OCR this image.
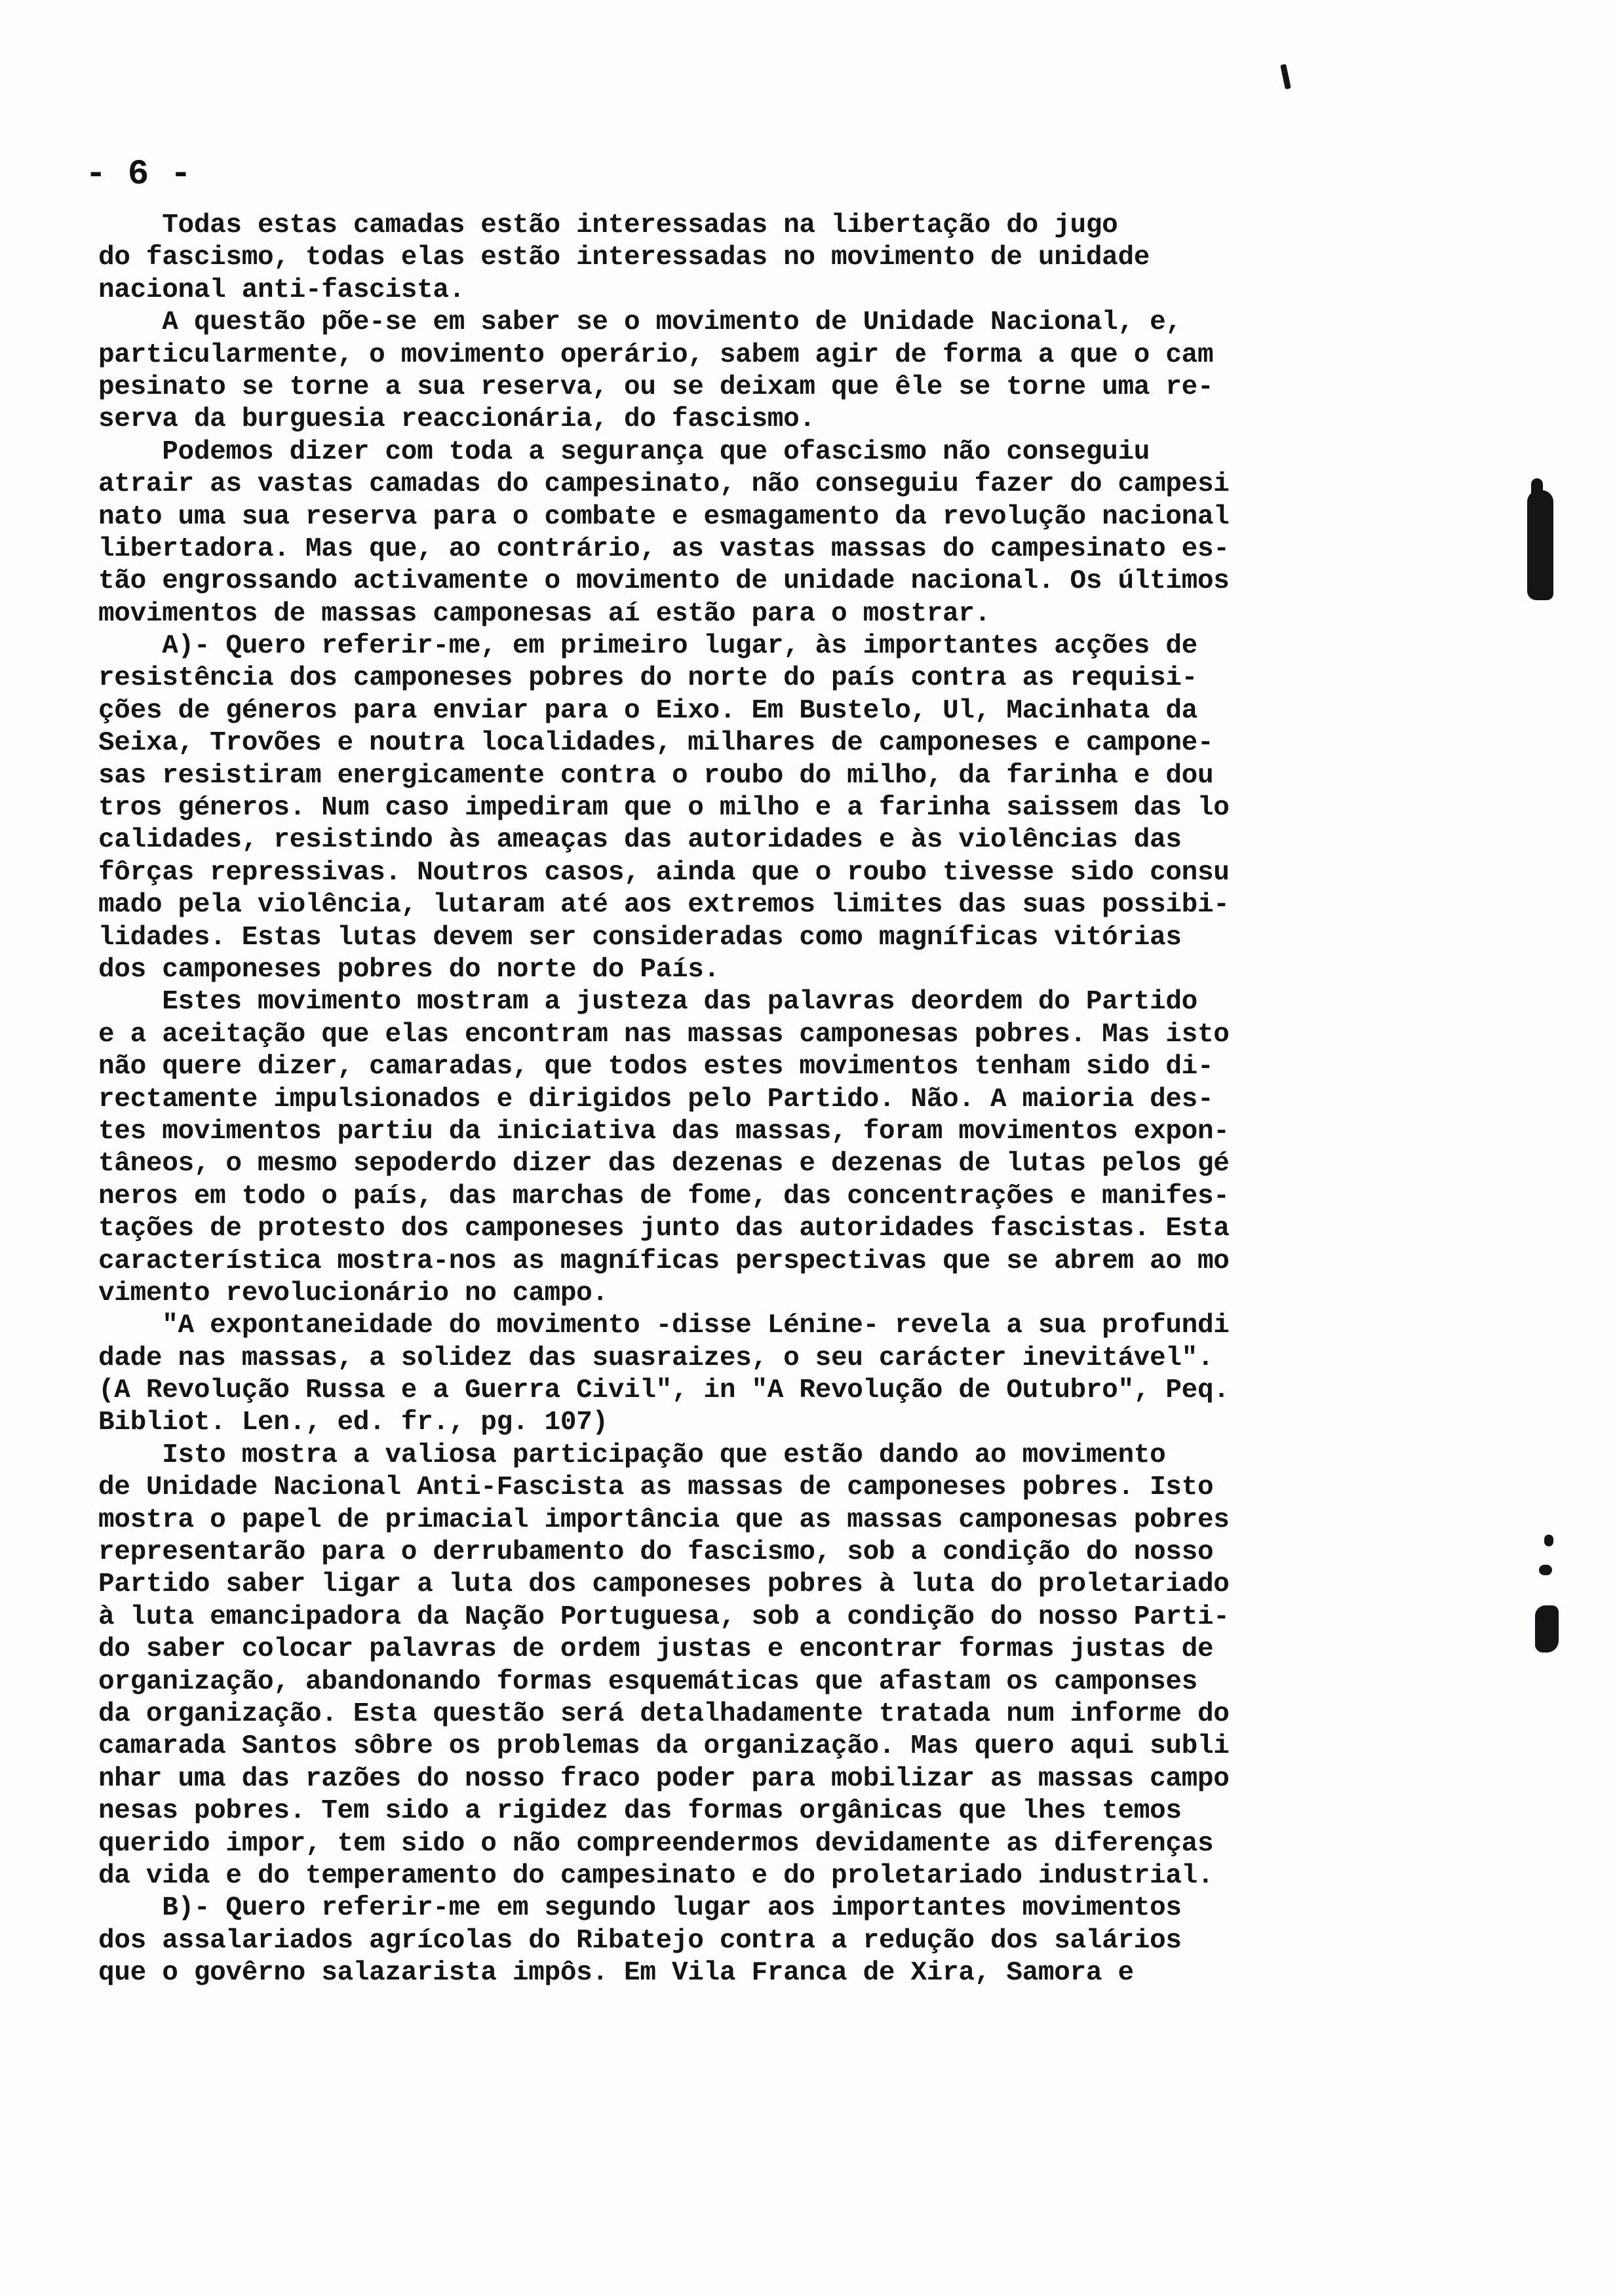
- 6 -
Todas estas camadas estão interessadas na libertação do jugo
do fascismo, todas elas estão interessadas no movimento de unidade
nacional anti-fascista.
A questão põe-se em saber se o movimento de Unidade Nacional, e,
particularmente, o movimento operário, sabem agir de forma a que o cam
pesinato se torne a sua reserva, ou se deixam que êle se torne uma re-
serva da burguesia reaccionária, do fascismo.
Podemos dizer com toda a segurança que ofascismo não conseguiu
atrair as vastas camadas do campesinato, não conseguiu fazer do campesi
nato uma sua reserva para o combate e esmagamento da revolução nacional
libertadora. Mas que, ao contrário, as vastas massas do campesinato es-
tão engrossando activamente o movimento de unidade nacional. Os últimos
movimentos de massas camponesas aí estão para o mostrar.
A)- Quero referir-me, em primeiro lugar, às importantes acções de
resistência dos camponeses pobres do norte do país contra as requisi-
ções de géneros para enviar para o Eixo. Em Bustelo, Ul, Macinhata da
Seixa, Trovões e noutra localidades, milhares de camponeses e campone-
sas resistiram energicamente contra o roubo do milho, da farinha e dou
tros géneros. Num caso impediram que o milho e a farinha saissem das lo
calidades, resistindo às ameaças das autoridades e às violências das
fôrças repressivas. Noutros casos, ainda que o roubo tivesse sido consu
mado pela violência, lutaram até aos extremos limites das suas possibi-
lidades. Estas lutas devem ser consideradas como magníficas vitórias
dos camponeses pobres do norte do País.
Estes movimento mostram a justeza das palavras deordem do Partido
e a aceitação que elas encontram nas massas camponesas pobres. Mas isto
não quere dizer, camaradas, que todos estes movimentos tenham sido di-
rectamente impulsionados e dirigidos pelo Partido. Não. A maioria des-
tes movimentos partiu da iniciativa das massas, foram movimentos expon-
tâneos, o mesmo sepoderdo dizer das dezenas e dezenas de lutas pelos gé
neros em todo o país, das marchas de fome, das concentrações e manifes-
tações de protesto dos camponeses junto das autoridades fascistas. Esta
característica mostra-nos as magníficas perspectivas que se abrem ao mo
vimento revolucionário no campo.
"A expontaneidade do movimento -disse Lénine- revela a sua profundi
dade nas massas, a solidez das suasraizes, o seu carácter inevitável".
(A Revolução Russa e a Guerra Civil", in "A Revolução de Outubro", Peq.
Bibliot. Len., ed. fr., pg. 107)
Isto mostra a valiosa participação que estão dando ao movimento
de Unidade Nacional Anti-Fascista as massas de camponeses pobres. Isto
mostra o papel de primacial importância que as massas camponesas pobres
representarão para o derrubamento do fascismo, sob a condição do nosso
Partido saber ligar a luta dos camponeses pobres à luta do proletariado
à luta emancipadora da Nação Portuguesa, sob a condição do nosso Parti-
do saber colocar palavras de ordem justas e encontrar formas justas de
organização, abandonando formas esquemáticas que afastam os camponses
da organização. Esta questão será detalhadamente tratada num informe do
camarada Santos sôbre os problemas da organização. Mas quero aqui subli
nhar uma das razões do nosso fraco poder para mobilizar as massas campo
nesas pobres. Tem sido a rigidez das formas orgânicas que lhes temos
querido impor, tem sido o não compreendermos devidamente as diferenças
da vida e do temperamento do campesinato e do proletariado industrial.
B)- Quero referir-me em segundo lugar aos importantes movimentos
dos assalariados agrícolas do Ribatejo contra a redução dos salários
que o govêrno salazarista impôs. Em Vila Franca de Xira, Samora e
